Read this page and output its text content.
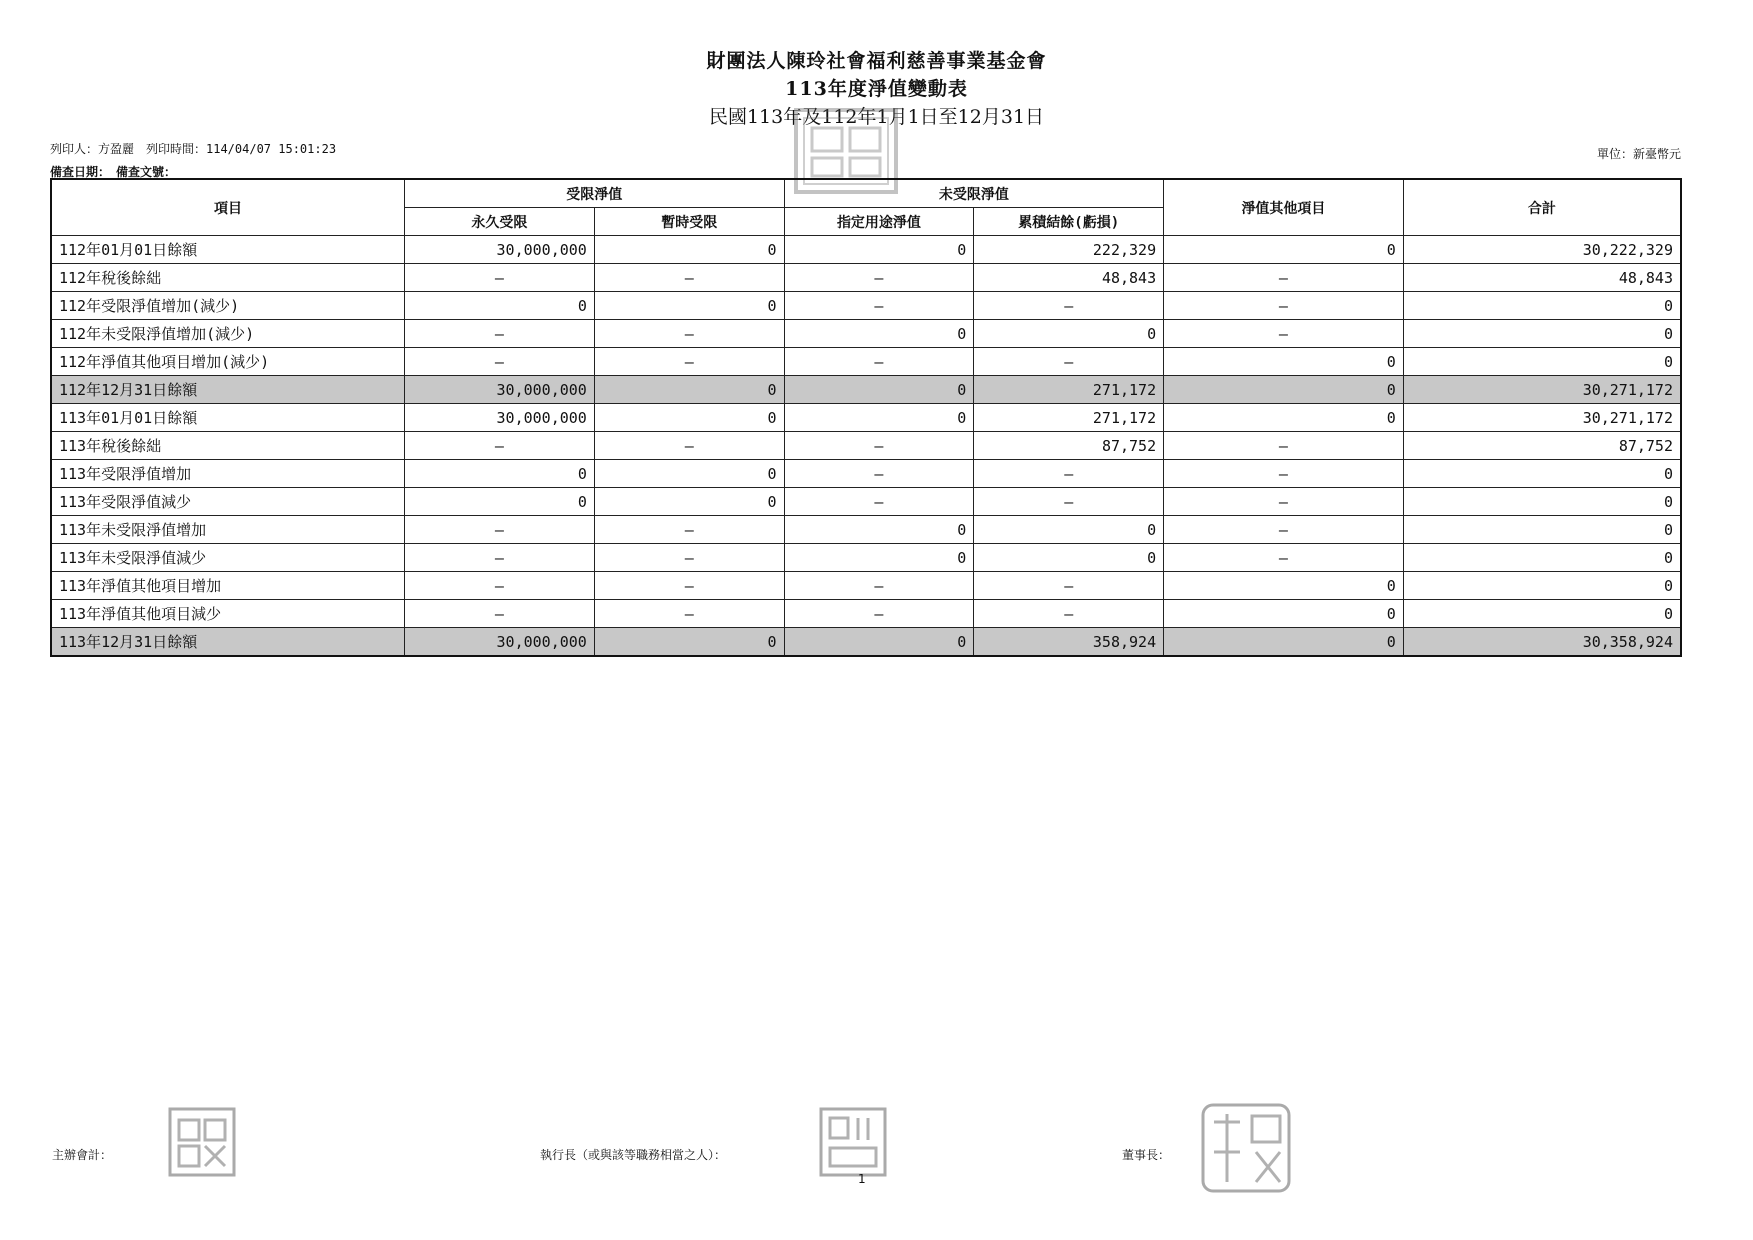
財團法人陳玲社會福利慈善事業基金會
113年度淨值變動表
民國113年及112年1月1日至12月31日
列印人：方盈麗　列印時間：114/04/07 15:01:23
備查日期：　備查文號：
單位：新臺幣元
項目	受限淨值		未受限淨值		淨值其他項目	合計
	永久受限	暫時受限	指定用途淨值	累積結餘(虧損)		
112年01月01日餘額	30,000,000	0	0	222,329	0	30,222,329
112年稅後餘絀	—	—	—	48,843	—	48,843
112年受限淨值增加(減少)	0	0	—	—	—	0
112年未受限淨值增加(減少)	—	—	0	0	—	0
112年淨值其他項目增加(減少)	—	—	—	—	0	0
112年12月31日餘額	30,000,000	0	0	271,172	0	30,271,172
113年01月01日餘額	30,000,000	0	0	271,172	0	30,271,172
113年稅後餘絀	—	—	—	87,752	—	87,752
113年受限淨值增加	0	0	—	—	—	0
113年受限淨值減少	0	0	—	—	—	0
113年未受限淨值增加	—	—	0	0	—	0
113年未受限淨值減少	—	—	0	0	—	0
113年淨值其他項目增加	—	—	—	—	0	0
113年淨值其他項目減少	—	—	—	—	0	0
113年12月31日餘額	30,000,000	0	0	358,924	0	30,358,924
主辦會計：	執行長（或與該等職務相當之人）：
1
董事長：
